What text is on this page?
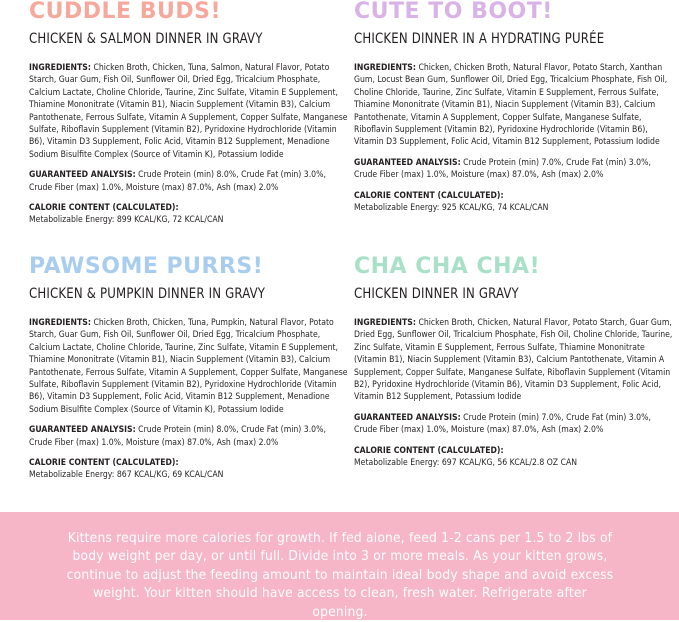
CUDDLE BUDS!
CHICKEN & SALMON DINNER IN GRAVY
INGREDIENTS: Chicken Broth, Chicken, Tuna, Salmon, Natural Flavor, Potato Starch, Guar Gum, Fish Oil, Sunflower Oil, Dried Egg, Tricalcium Phosphate, Calcium Lactate, Choline Chloride, Taurine, Zinc Sulfate, Vitamin E Supplement, Thiamine Mononitrate (Vitamin B1), Niacin Supplement (Vitamin B3), Calcium Pantothenate, Ferrous Sulfate, Vitamin A Supplement, Copper Sulfate, Manganese Sulfate, Riboflavin Supplement (Vitamin B2), Pyridoxine Hydrochloride (Vitamin B6), Vitamin D3 Supplement, Folic Acid, Vitamin B12 Supplement, Menadione Sodium Bisulfite Complex (Source of Vitamin K), Potassium Iodide
GUARANTEED ANALYSIS: Crude Protein (min) 8.0%, Crude Fat (min) 3.0%, Crude Fiber (max) 1.0%, Moisture (max) 87.0%, Ash (max) 2.0%
CALORIE CONTENT (CALCULATED):
Metabolizable Energy: 899 KCAL/KG, 72 KCAL/CAN
CUTE TO BOOT!
CHICKEN DINNER IN A HYDRATING PURÉE
INGREDIENTS: Chicken, Chicken Broth, Natural Flavor, Potato Starch, Xanthan Gum, Locust Bean Gum, Sunflower Oil, Dried Egg, Tricalcium Phosphate, Fish Oil, Choline Chloride, Taurine, Zinc Sulfate, Vitamin E Supplement, Ferrous Sulfate, Thiamine Mononitrate (Vitamin B1), Niacin Supplement (Vitamin B3), Calcium Pantothenate, Vitamin A Supplement, Copper Sulfate, Manganese Sulfate, Riboflavin Supplement (Vitamin B2), Pyridoxine Hydrochloride (Vitamin B6), Vitamin D3 Supplement, Folic Acid, Vitamin B12 Supplement, Potassium Iodide
GUARANTEED ANALYSIS: Crude Protein (min) 7.0%, Crude Fat (min) 3.0%, Crude Fiber (max) 1.0%, Moisture (max) 87.0%, Ash (max) 2.0%
CALORIE CONTENT (CALCULATED):
Metabolizable Energy: 925 KCAL/KG, 74 KCAL/CAN
PAWSOME PURRS!
CHICKEN & PUMPKIN DINNER IN GRAVY
INGREDIENTS: Chicken Broth, Chicken, Tuna, Pumpkin, Natural Flavor, Potato Starch, Guar Gum, Fish Oil, Sunflower Oil, Dried Egg, Tricalcium Phosphate, Calcium Lactate, Choline Chloride, Taurine, Zinc Sulfate, Vitamin E Supplement, Thiamine Mononitrate (Vitamin B1), Niacin Supplement (Vitamin B3), Calcium Pantothenate, Ferrous Sulfate, Vitamin A Supplement, Copper Sulfate, Manganese Sulfate, Riboflavin Supplement (Vitamin B2), Pyridoxine Hydrochloride (Vitamin B6), Vitamin D3 Supplement, Folic Acid, Vitamin B12 Supplement, Menadione Sodium Bisulfite Complex (Source of Vitamin K), Potassium Iodide
GUARANTEED ANALYSIS: Crude Protein (min) 8.0%, Crude Fat (min) 3.0%, Crude Fiber (max) 1.0%, Moisture (max) 87.0%, Ash (max) 2.0%
CALORIE CONTENT (CALCULATED):
Metabolizable Energy: 867 KCAL/KG, 69 KCAL/CAN
CHA CHA CHA!
CHICKEN DINNER IN GRAVY
INGREDIENTS: Chicken Broth, Chicken, Natural Flavor, Potato Starch, Guar Gum, Dried Egg, Sunflower Oil, Tricalcium Phosphate, Fish Oil, Choline Chloride, Taurine, Zinc Sulfate, Vitamin E Supplement, Ferrous Sulfate, Thiamine Mononitrate (Vitamin B1), Niacin Supplement (Vitamin B3), Calcium Pantothenate, Vitamin A Supplement, Copper Sulfate, Manganese Sulfate, Riboflavin Supplement (Vitamin B2), Pyridoxine Hydrochloride (Vitamin B6), Vitamin D3 Supplement, Folic Acid, Vitamin B12 Supplement, Potassium Iodide
GUARANTEED ANALYSIS: Crude Protein (min) 7.0%, Crude Fat (min) 3.0%, Crude Fiber (max) 1.0%, Moisture (max) 87.0%, Ash (max) 2.0%
CALORIE CONTENT (CALCULATED):
Metabolizable Energy: 697 KCAL/KG, 56 KCAL/2.8 OZ CAN
Kittens require more calories for growth. If fed alone, feed 1-2 cans per 1.5 to 2 lbs of body weight per day, or until full. Divide into 3 or more meals. As your kitten grows, continue to adjust the feeding amount to maintain ideal body shape and avoid excess weight. Your kitten should have access to clean, fresh water. Refrigerate after opening.
